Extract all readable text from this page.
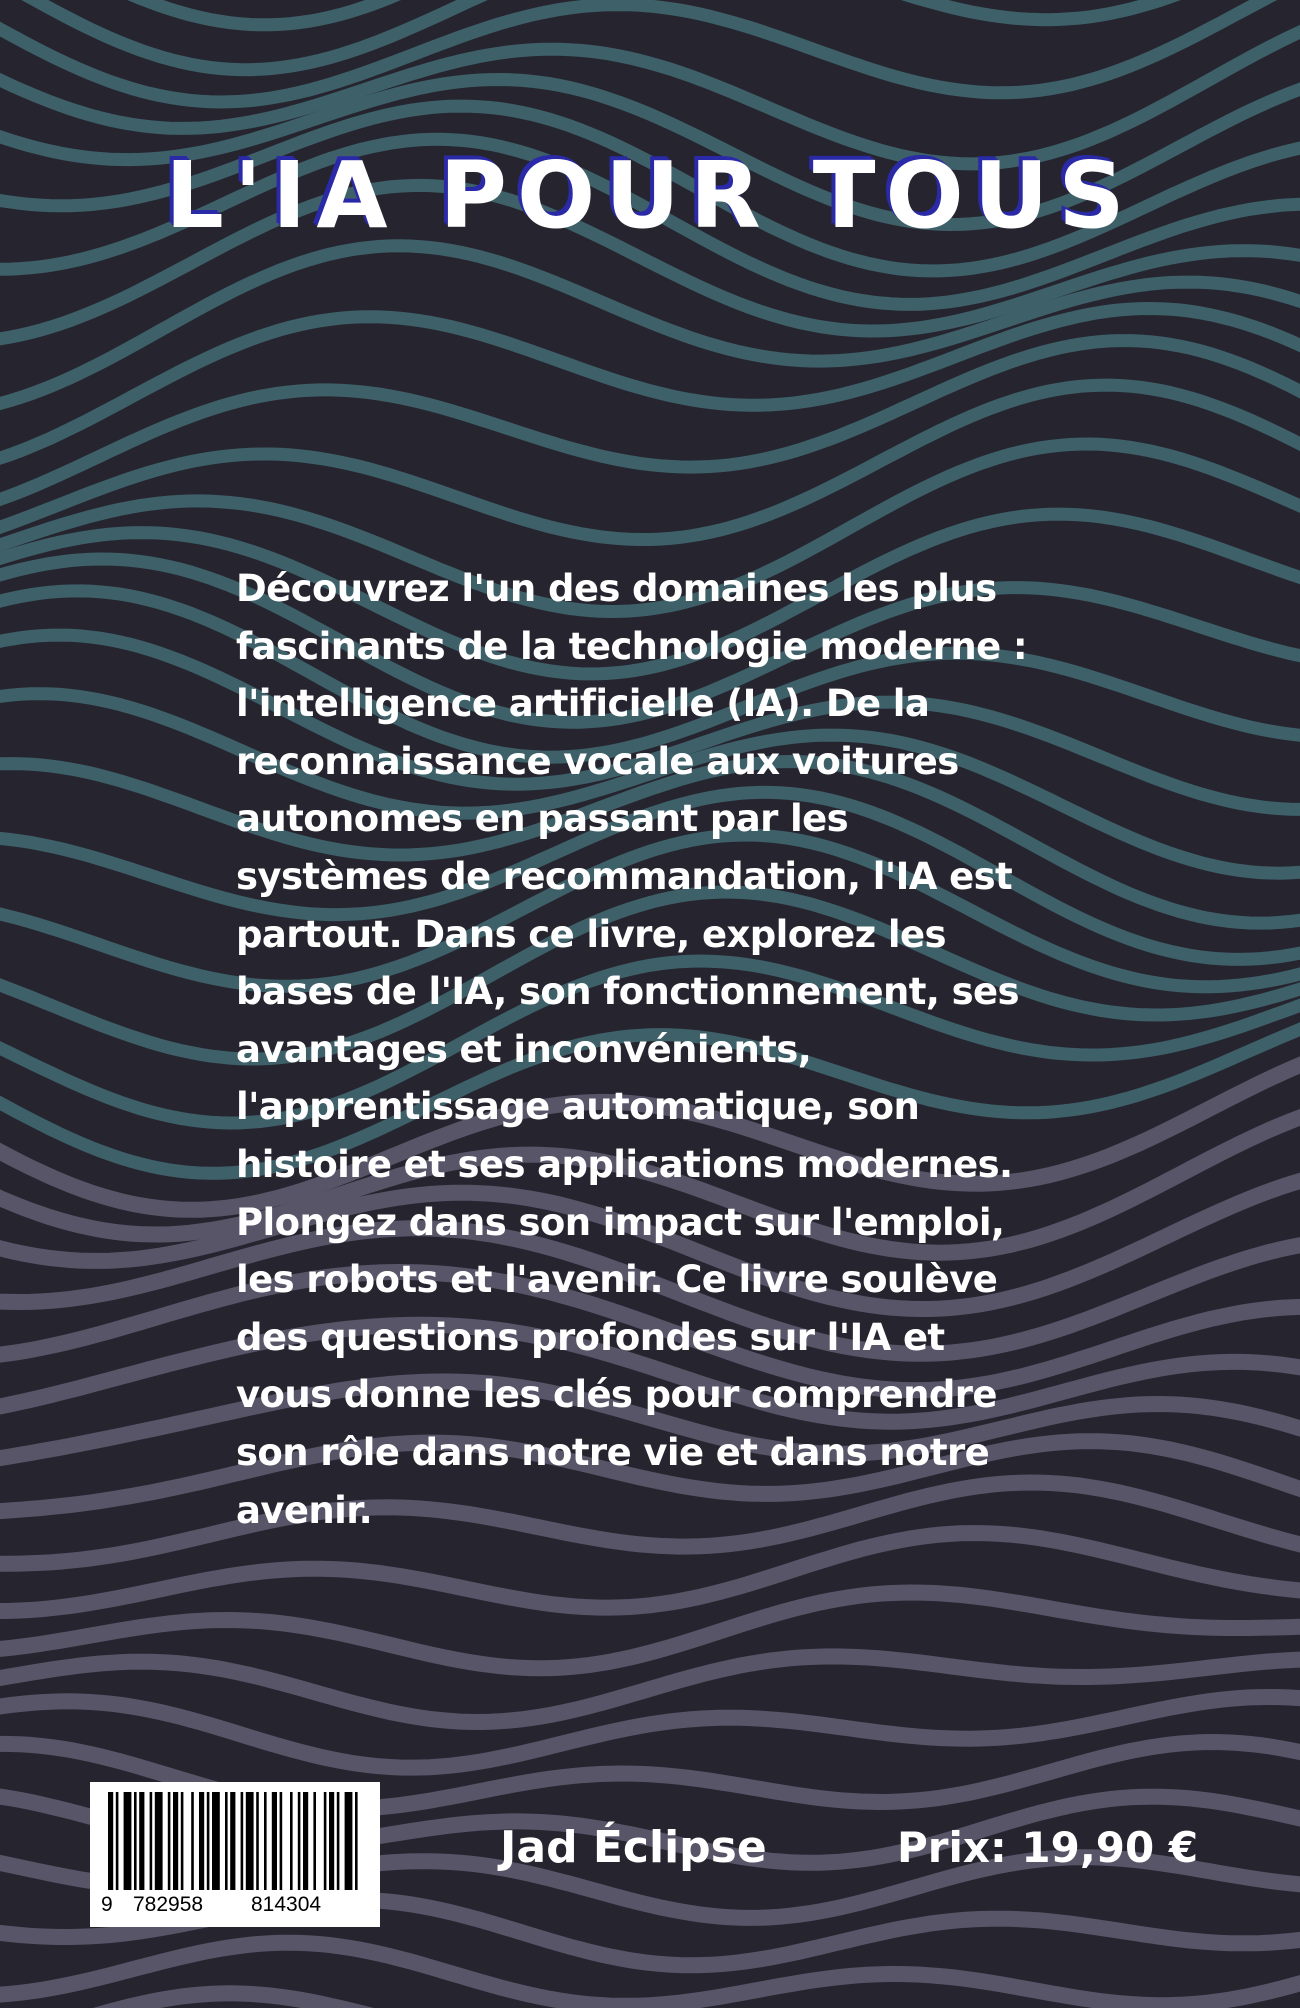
L'IA POUR TOUS
Découvrez l'un des domaines les plus
fascinants de la technologie moderne :
l'intelligence artificielle (IA). De la
reconnaissance vocale aux voitures
autonomes en passant par les
systèmes de recommandation, l'IA est
partout. Dans ce livre, explorez les
bases de l'IA, son fonctionnement, ses
avantages et inconvénients,
l'apprentissage automatique, son
histoire et ses applications modernes.
Plongez dans son impact sur l'emploi,
les robots et l'avenir. Ce livre soulève
des questions profondes sur l'IA et
vous donne les clés pour comprendre
son rôle dans notre vie et dans notre
avenir.
9 782958 814304
Jad Éclipse	Prix: 19,90 €
